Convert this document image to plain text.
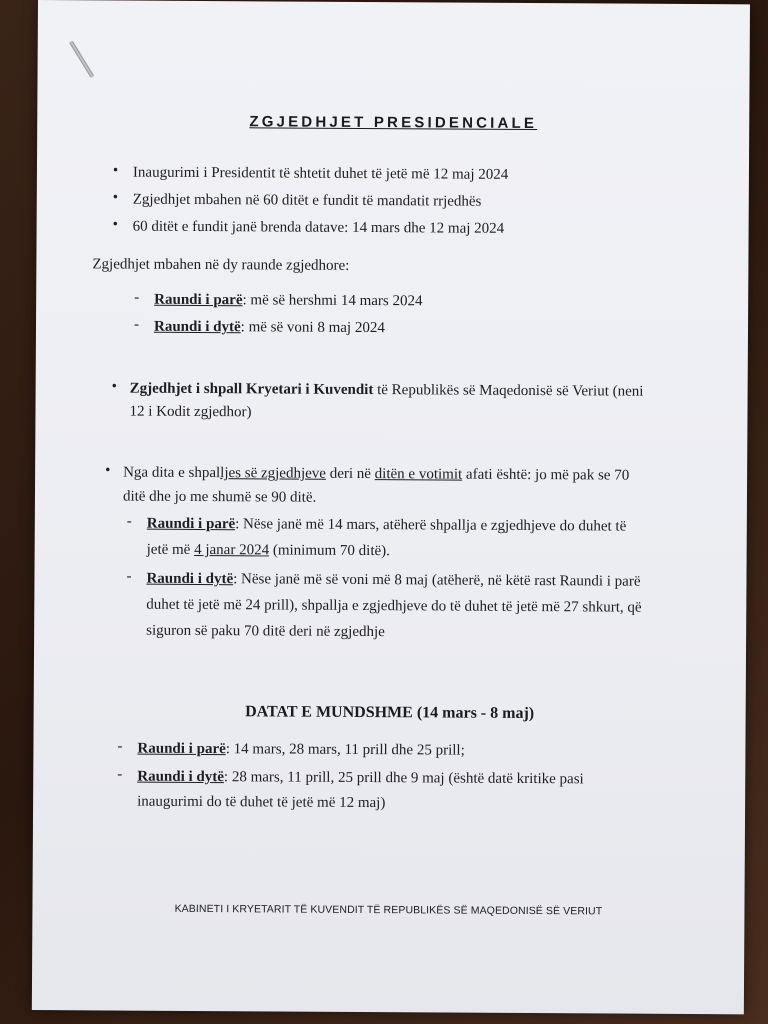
ZGJEDHJET PRESIDENCIALE
• Inaugurimi i Presidentit të shtetit duhet të jetë më 12 maj 2024
• Zgjedhjet mbahen në 60 ditët e fundit të mandatit rrjedhës
• 60 ditët e fundit janë brenda datave: 14 mars dhe 12 maj 2024
Zgjedhjet mbahen në dy raunde zgjedhore:
- Raundi i parë: më së hershmi 14 mars 2024
- Raundi i dytë: më së voni 8 maj 2024
• Zgjedhjet i shpall Kryetari i Kuvendit të Republikës së Maqedonisë së Veriut (neni
12 i Kodit zgjedhor)
• Nga dita e shpalljes së zgjedhjeve deri në ditën e votimit afati është: jo më pak se 70
ditë dhe jo me shumë se 90 ditë.
- Raundi i parë: Nëse janë më 14 mars, atëherë shpallja e zgjedhjeve do duhet të
jetë më 4 janar 2024 (minimum 70 ditë).
- Raundi i dytë: Nëse janë më së voni më 8 maj (atëherë, në këtë rast Raundi i parë
duhet të jetë më 24 prill), shpallja e zgjedhjeve do të duhet të jetë më 27 shkurt, që
siguron së paku 70 ditë deri në zgjedhje
DATAT E MUNDSHME (14 mars - 8 maj)
- Raundi i parë: 14 mars, 28 mars, 11 prill dhe 25 prill;
- Raundi i dytë: 28 mars, 11 prill, 25 prill dhe 9 maj (është datë kritike pasi
inaugurimi do të duhet të jetë më 12 maj)
KABINETI I KRYETARIT TË KUVENDIT TË REPUBLIKËS SË MAQEDONISË SË VERIUT
